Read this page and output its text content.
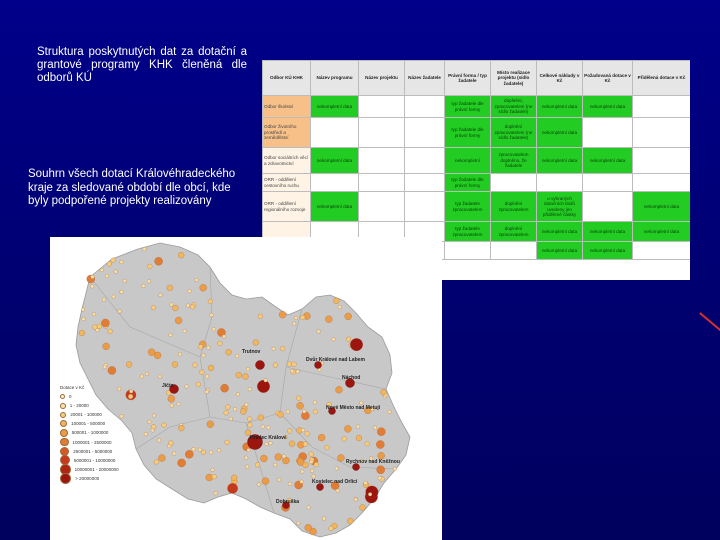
Struktura poskytnutých dat za dotační a grantové programy KHK členěná dle odborů KÚ	Odbor KÚ KHK	Název programu	Název projektu	Název žadatele	Právní forma / typ žadatele	Místo realizace projektu (sídlo žadatele)	Celkové náklady v Kč	Požadovaná dotace v Kč	Přidělená dotace v Kč
Odbor školství	nekompletní data			typ žadatele dle právní formy	doplnění, zpracovatelem (ne sídlo žadatele)	nekompletní data	nekompletní data	
Odbor životního prostředí a zemědělství				typ žadatele dle právní formy	doplnění zpracovatelem (ne sídlo žadatele)	nekompletní data		
Odbor sociálních věcí a zdravotnictví	nekompletní data			nekompletní	zpracovatelem doplněno, že žadatele	nekompletní data	nekompletní data	
ORR - oddělení cestovního ruchu				typ žadatele dle právní formy				
ORR - oddělení regionálního rozvoje	nekompletní data			typ žadatele zpracovatelem	doplnění zpracovatelem	u vybraných dotačních titulů uvedeny jen přidělené částky		nekompletní data
				typ žadatele zpracovatelem	doplnění zpracovatelem	nekompletní data	nekompletní data	nekompletní data
						nekompletní data	nekompletní data	
Souhrn všech dotací Královéhradeckého kraje za sledované období dle obcí, kde byly podpořené projekty realizovány
Dotace v Kč
0
1 - 20000
20001 - 100000
100001 - 500000
500001 - 1000000
1000001 - 2500000
2500001 - 5000000
5000001 - 10000000
10000001 - 20000000
> 20000000
Trutnov
Dvůr Králové nad Labem
Náchod
Nové Město nad Metují
Hradec Králové
Jičín
Rychnov nad Kněžnou
Kostelec nad Orlicí
Dobruška
